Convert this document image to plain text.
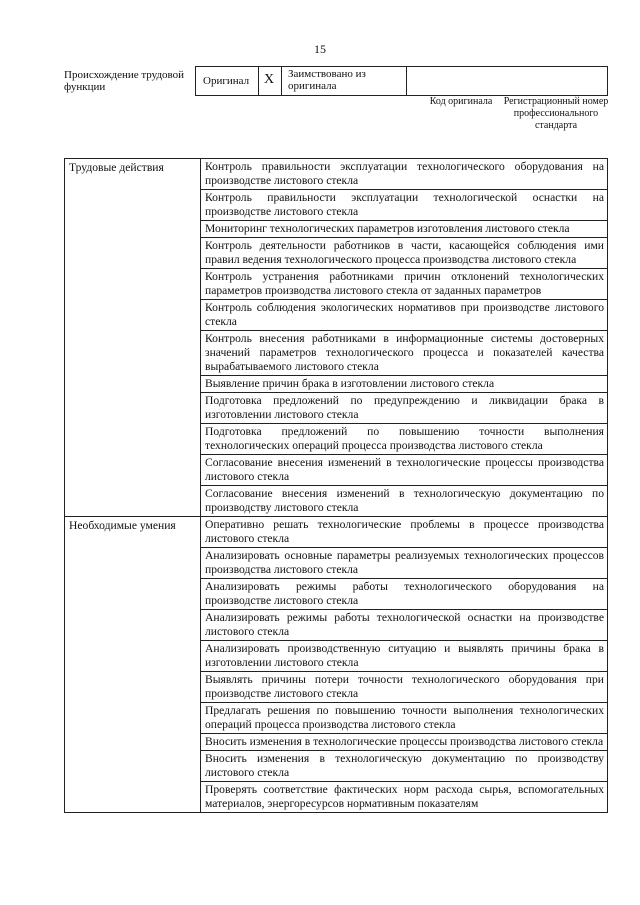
15
Происхождение трудовой функции	Оригинал X Заимствовано из оригинала
Код оригинала	Регистрационный номер профессионального стандарта
Трудовые действия	Контроль правильности эксплуатации технологического оборудования на производстве листового стекла
	Контроль правильности эксплуатации технологической оснастки на производстве листового стекла
	Мониторинг технологических параметров изготовления листового стекла
	Контроль деятельности работников в части, касающейся соблюдения ими правил ведения технологического процесса производства листового стекла
	Контроль устранения работниками причин отклонений технологических параметров производства листового стекла от заданных параметров
	Контроль соблюдения экологических нормативов при производстве листового стекла
	Контроль внесения работниками в информационные системы достоверных значений параметров технологического процесса и показателей качества вырабатываемого листового стекла
	Выявление причин брака в изготовлении листового стекла
	Подготовка предложений по предупреждению и ликвидации брака в изготовлении листового стекла
	Подготовка предложений по повышению точности выполнения технологических операций процесса производства листового стекла
	Согласование внесения изменений в технологические процессы производства листового стекла
	Согласование внесения изменений в технологическую документацию по производству листового стекла
Необходимые умения	Оперативно решать технологические проблемы в процессе производства листового стекла
	Анализировать основные параметры реализуемых технологических процессов производства листового стекла
	Анализировать режимы работы технологического оборудования на производстве листового стекла
	Анализировать режимы работы технологической оснастки на производстве листового стекла
	Анализировать производственную ситуацию и выявлять причины брака в изготовлении листового стекла
	Выявлять причины потери точности технологического оборудования при производстве листового стекла
	Предлагать решения по повышению точности выполнения технологических операций процесса производства листового стекла
	Вносить изменения в технологические процессы производства листового стекла
	Вносить изменения в технологическую документацию по производству листового стекла
	Проверять соответствие фактических норм расхода сырья, вспомогательных материалов, энергоресурсов нормативным показателям
